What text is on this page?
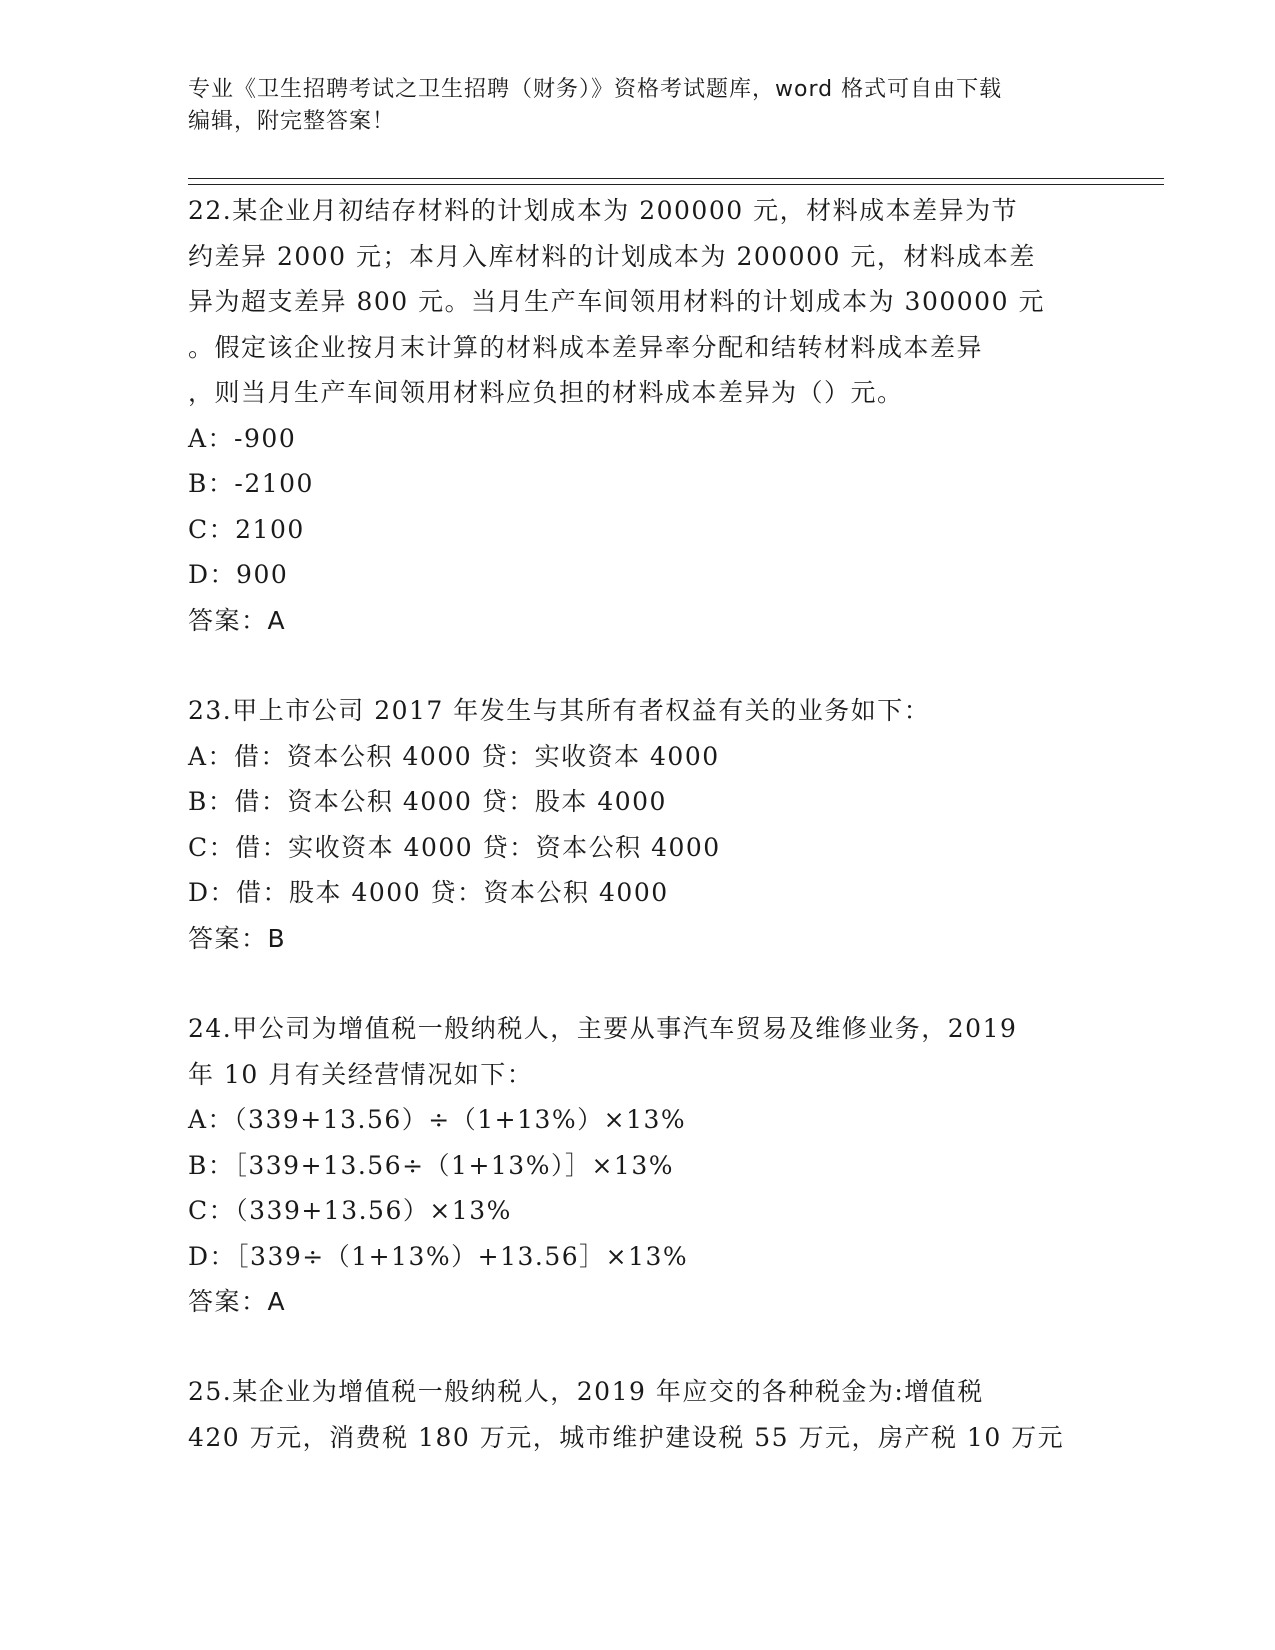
专业《卫生招聘考试之卫生招聘（财务）》资格考试题库，word 格式可自由下载
编辑，附完整答案！
22.某企业月初结存材料的计划成本为 200000 元，材料成本差异为节
约差异 2000 元；本月入库材料的计划成本为 200000 元，材料成本差
异为超支差异 800 元。当月生产车间领用材料的计划成本为 300000 元
。假定该企业按月末计算的材料成本差异率分配和结转材料成本差异
，则当月生产车间领用材料应负担的材料成本差异为（）元。
A：-900
B：-2100
C：2100
D：900
答案：A
23.甲上市公司 2017 年发生与其所有者权益有关的业务如下：
A：借：资本公积 4000 贷：实收资本 4000
B：借：资本公积 4000 贷：股本 4000
C：借：实收资本 4000 贷：资本公积 4000
D：借：股本 4000 贷：资本公积 4000
答案：B
24.甲公司为增值税一般纳税人，主要从事汽车贸易及维修业务，2019
年 10 月有关经营情况如下：
A：（339+13.56）÷（1+13%）×13%
B：［339+13.56÷（1+13%）］×13%
C：（339+13.56）×13%
D：［339÷（1+13%）+13.56］×13%
答案：A
25.某企业为增值税一般纳税人，2019 年应交的各种税金为:增值税
420 万元，消费税 180 万元，城市维护建设税 55 万元，房产税 10 万元
